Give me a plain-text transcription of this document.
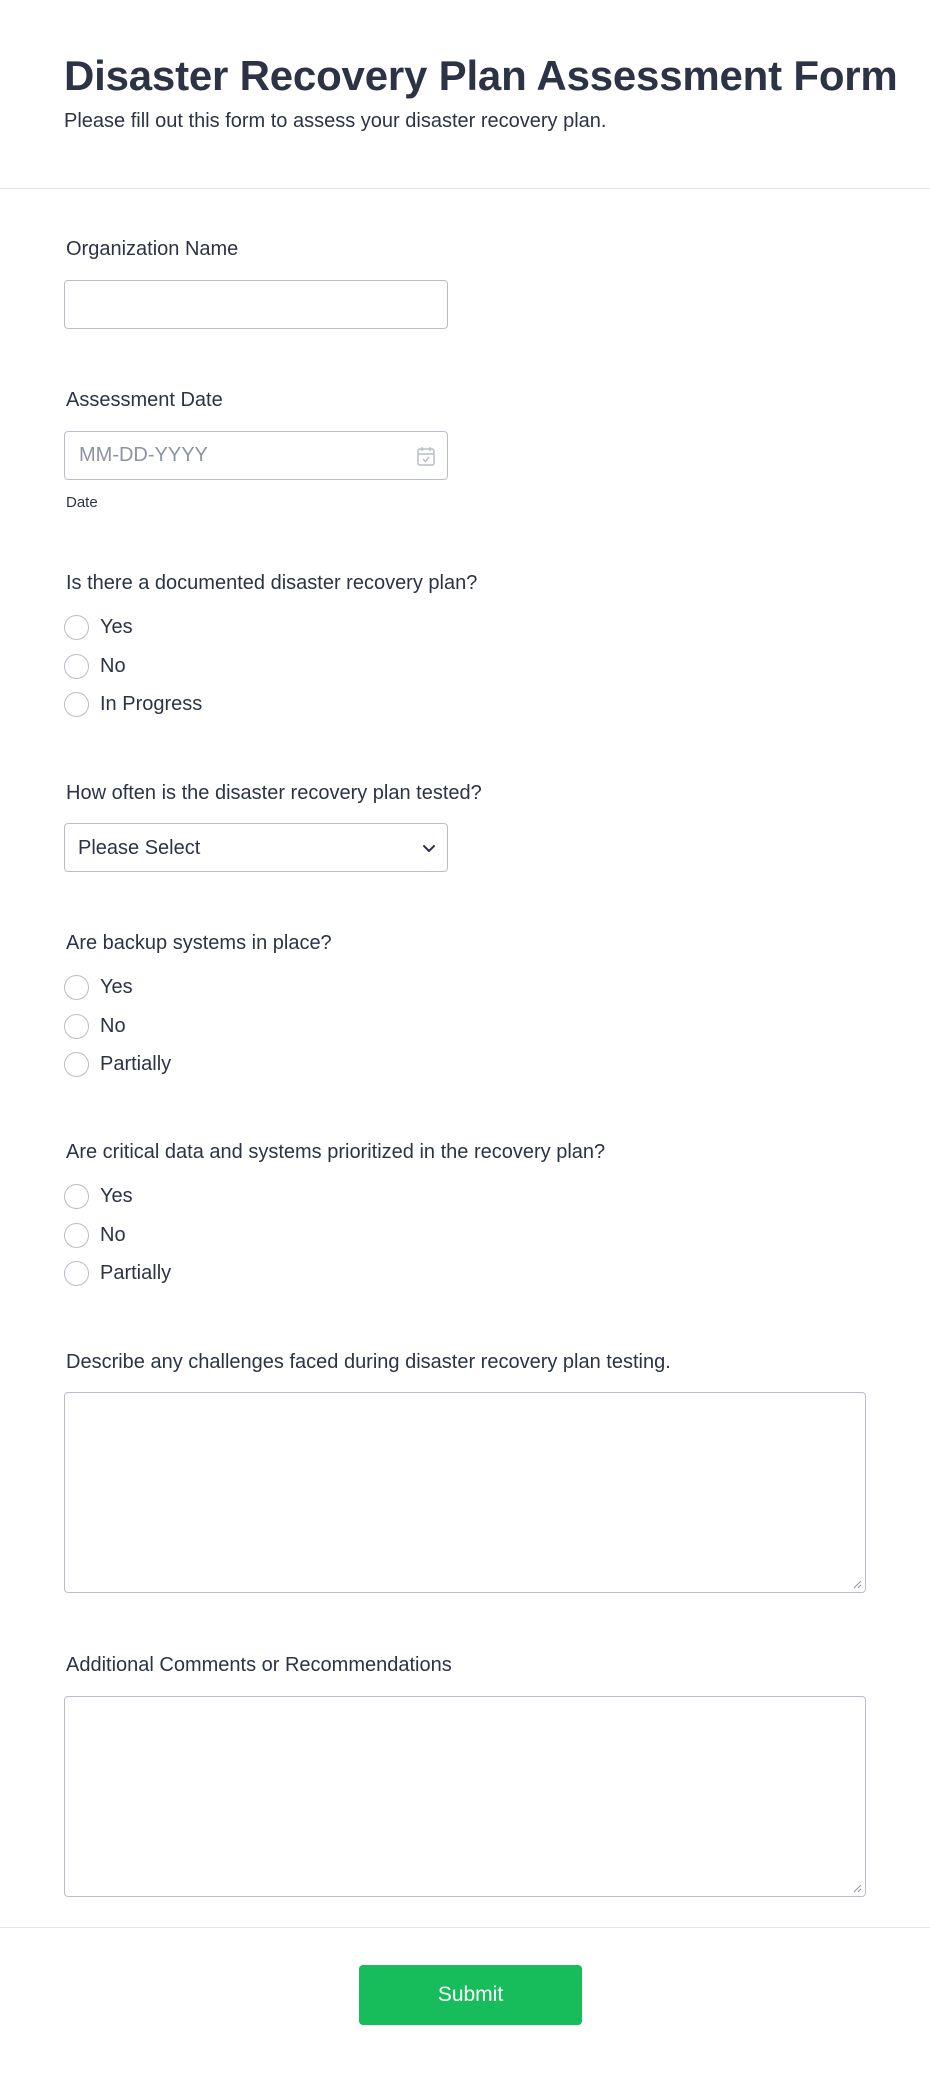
Disaster Recovery Plan Assessment Form
Please fill out this form to assess your disaster recovery plan.
Organization Name
Assessment Date
MM-DD-YYYY
Date
Is there a documented disaster recovery plan?
Yes
No
In Progress
How often is the disaster recovery plan tested?
Please Select
Are backup systems in place?
Yes
No
Partially
Are critical data and systems prioritized in the recovery plan?
Yes
No
Partially
Describe any challenges faced during disaster recovery plan testing.
Additional Comments or Recommendations
Submit
